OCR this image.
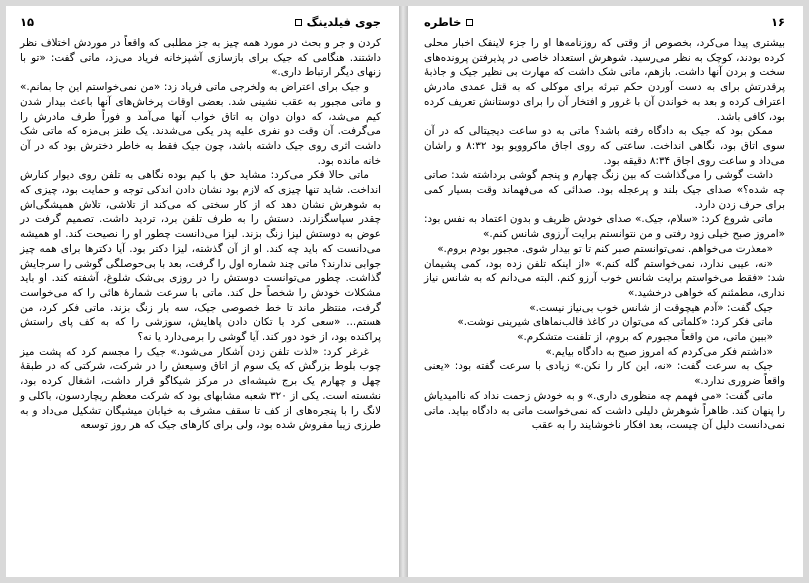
جوی فیلدینگ
۱۵

کردن و جر و بحث در مورد همه چیز به جز مطلبی که واقعاً در موردش اختلاف نظر داشتند. هنگامی که جیک برای بازسازی آشپزخانه فریاد می‌زد، ماتی گفت: «تو با زنهای دیگر ارتباط داری.»

و جیک برای اعتراض به ولخرجی ماتی فریاد زد: «من نمی‌خواستم این جا بمانم.» و ماتی مجبور به عقب نشینی شد. بعضی اوقات پرخاش‌های آنها باعث بیدار شدن کیم می‌شد، که دوان دوان به اتاق خواب آنها می‌آمد و فوراً طرف مادرش را می‌گرفت. آن وقت دو نفری علیه پدر یکی می‌شدند. یک طنز بی‌مزه که ماتی شک داشت اثری روی جیک داشته باشد، چون جیک فقط به خاطر دخترش بود که در آن خانه مانده بود.

ماتی حالا فکر می‌کرد: مشاید حق با کیم بوده نگاهی به تلفن روی دیوار کنارش انداخت. شاید تنها چیزی که لازم بود نشان دادن اندکی توجه و حمایت بود، چیزی که به شوهرش نشان دهد که از کار سختی که می‌کند از تلاشی، تلاش همیشگی‌اش چقدر سپاسگزارند. دستش را به طرف تلفن برد، تردید داشت. تصمیم گرفت در عوض به دوستش لیزا زنگ بزند. لیزا می‌دانست چطور او را نصیحت کند. او همیشه می‌دانست که باید چه کند. او از آن گذشته، لیزا دکتر بود. آیا دکترها برای همه چیز جوابی ندارند؟ ماتی چند شماره اول را گرفت، بعد با بی‌حوصلگی گوشی را سرجایش گذاشت. چطور می‌توانست دوستش را در روزی بی‌شک شلوغ، آشفته کند. او باید مشکلات خودش را شخصاً حل کند. ماتی با سرعت شمارهٔ هائی را که می‌خواست گرفت، منتظر ماند تا خط خصوصی جیک، سه بار زنگ بزند. ماتی فکر کرد، من هستم... «سعی کرد با تکان دادن پاهایش، سوزشی را که به کف پای راستش پراکنده بود، از خود دور کند. آیا گوشی را برمی‌دارد یا نه؟

غرغر کرد: «لذت تلفن زدن آشکار می‌شود.» جیک را مجسم کرد که پشت میز چوب بلوط بزرگش که یک سوم از اتاق وسیعش را در شرکت، شرکتی که در طبقهٔ چهل و چهارم یک برج شیشه‌ای در مرکز شیکاگو قرار داشت، اشغال کرده بود، نشسته است. یکی از ۳۲۰ شعبه مشابهای بود که شرکت معظم ریچاردسون، باکلی و لانگ را با پنجره‌های از کف تا سقف مشرف به خیابان میشیگان تشکیل می‌داد و به طرزی زیبا مفروش شده بود، ولی برای کارهای جیک که هر روز توسعه

۱۶
خاطره

بیشتری پیدا می‌کرد، بخصوص از وقتی که روزنامه‌ها او را جزء لاینفک اخبار محلی کرده بودند، کوچک به نظر می‌رسید. شوهرش استعداد خاصی در پذیرفتن پرونده‌های سخت و بردن آنها داشت. بازهم، ماتی شک داشت که مهارت بی نظیر جیک و جاذبهٔ پرقدرتش برای به دست آوردن حکم تبرئه برای موکلی که به قتل عمدی مادرش اعتراف کرده و بعد به خواندن آن با غرور و افتخار آن را برای دوستانش تعریف کرده بود، کافی باشد.

ممکن بود که جیک به دادگاه رفته باشد؟ ماتی به دو ساعت دیجیتالی که در آن سوی اتاق بود، نگاهی انداخت. ساعتی که روی اجاق ماکروویو بود ۸:۳۲ و راشان می‌داد و ساعت روی اجاق ۸:۳۴ دقیقه بود.

داشت گوشی را می‌گذاشت که بین زنگ چهارم و پنجم گوشی برداشته شد: صاتی چه شده؟» صدای جیک بلند و پرعجله بود. صدائی که می‌فهماند وقت بسیار کمی برای حرف زدن دارد.

ماتی شروع کرد: «سلام، جیک.» صدای خودش ظریف و بدون اعتماد به نفس بود: «امروز صبح خیلی زود رفتی و من نتوانستم برایت آرزوی شانس کنم.»

«معذرت می‌خواهم. نمی‌توانستم صبر کنم تا تو بیدار شوی. مجبور بودم بروم.»

«نه، عیبی ندارد، نمی‌خواستم گله کنم.» «از اینکه تلفن زده بود، کمی پشیمان شد: «فقط می‌خواستم برایت شانس خوب آرزو کنم. البته می‌دانم که به شانس نیاز نداری، مطمئنم که خواهی درخشید.»

جیک گفت: «آدم هیچوقت از شانس خوب بی‌نیاز نیست.»

ماتی فکر کرد: «کلماتی که می‌توان در کاغذ قالب‌نماهای شیرینی نوشت.»

«ببین ماتی، من واقعاً مجبورم که بروم، از تلفنت متشکرم.»

«داشتم فکر می‌کردم که امروز صبح به دادگاه بیایم.»

جیک به سرعت گفت: «نه، این کار را نکن.» زیادی با سرعت گفته بود: «یعنی واقعاً ضروری ندارد.»

ماتی گفت: «می فهمم چه منظوری داری.» و به خودش زحمت نداد که ناامیدیاش را پنهان کند. ظاهراً شوهرش دلیلی داشت که نمی‌خواست ماتی به دادگاه بیاید. ماتی نمی‌دانست دلیل آن چیست، بعد افکار ناخوشایند را به عقب
